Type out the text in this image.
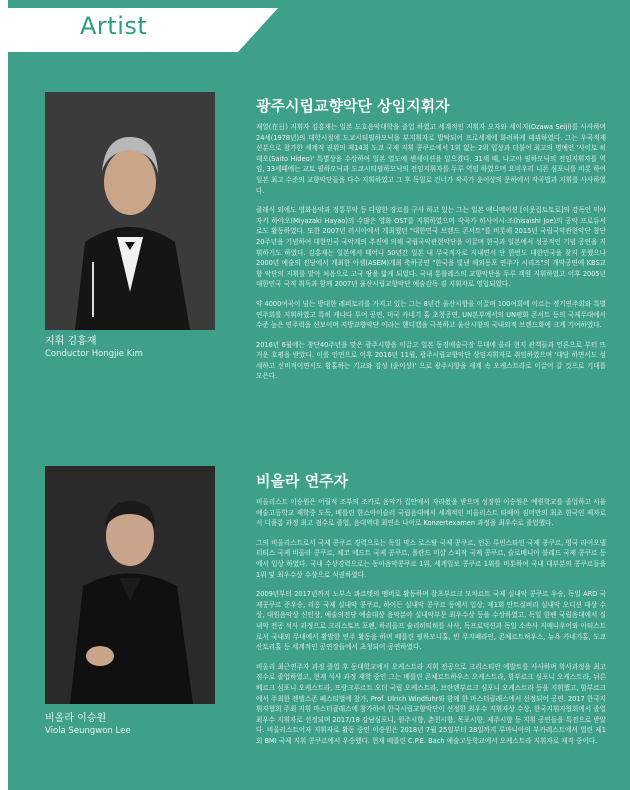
Artist
지휘 김홍재
Conductor Hongjie Kim
광주시립교향악단 상임지휘자

재일(在日) 지휘자 김홍재는 일본 도호음악대학을 졸업 하였고 세계적인 지휘자 오자와 세이지(Ozawa Seiji)를 사사하며 24세(1978년)의 대학시절에 도쿄시티필하모닉을 부지휘자로 발탁되어 프로세계에 화려하게 데뷔하였다. 그는 우곡적재 신분으로 참가한 세계적 권위의 제14회 도쿄 국제 지휘 콩쿠르에서 1위 없는 2위 입상과 더불어 최고의 명예인 '사이토 히데오(Saito Hideo)' 특별상을 수상하여 일본 열도에 센세이션을 일으켰다. 31세 때, 나고야 필하모닉의 전임지휘자를 역임, 33세때에는 교토 필하모닉과 도쿄시티필하모닉의 전임지휘자를 두루 역임 하였으며 요미우리 니폰 심포니를 비롯 하여 일본 최고 수준의 교향악단들을 다수 지휘하였고 그 후 독일로 건너가 작곡가 윤이상의 문하에서 작곡법과 지휘를 사사하였다.

클래식 외에도 영화음악과 정통무악 등 다양한 장르를 구사 하고 있는 그는 일본 애니메이션 [이웃집토토로]의 감독인 미야자키 하야오(Miyazaki Hayao)의 수많은 영화 OST를 지휘하였으며 작곡가 히사이시-조(hisaishi Joe)의 공악 프로듀서로도 활동하였다. 또한 2007년 러시아에서 개최했던 "대한민국 브랜드 콘서트"를 비롯해 2015년 국립국악관현악단 창단 20주년을 기념하여 대한민국 국악계의 추진에 의해 국립국악관현악단을 이끌며 한국과 일본에서 성공적인 기념 공연을 지휘하기도 하였다. 김홍재는 일본에서 태어나 50년간 일본 내 무국적자로 지내면서 단 한번도 대한민국을 찾지 못했으나 2000년 예술의 전당에서 개최한 아셈(ASEM)개최 축하공연 "한국을 빛낸 해외동포 연주가 시리즈"의 개막공연에 KBS교향 악단의 지휘를 맡아 처음으로 고국 땅을 밟게 되었다. 국내 통틀레스의 교향악단을 두루 객원 지휘하였고 이후 2005년 대한민국 국적 취득과 함께 2007년 울산시립교향악단 예술감독 겸 지휘자로 영입되었다.

약 4000여곡이 넘는 방대한 레퍼토리를 가지고 있는 그는 8년간 울산시향을 이끌며 100여회에 이르는 정기연주회와 특별연주회를 지휘하였고 특히 캐나다 투어 공연, 미국 카네기 홀 초청공연, UN본부에서의 UN평화 콘서트 등의 국제무대에서 수준 높은 연주력을 선보이며 지방교향악단 이라는 핸디캡을 극복하고 울산시향의 국내외적 브랜드화에 크게 기여하였다.

2016년 6월에는 창단40주년을 맞은 광주시향을 이끌고 일본 동경예술극장 무대에 올라 현지 관객들과 언론으로 부터 뜨거운 호평을 받았다. 이를 인연으로 이후 2016년 11월, 광주시립교향악단 상임지휘자로 취임하였으며 '대담 하면서도 섬세하고 신비적이면서도 황홀하는 기교와 감성 (윤이상)' 으로 광주시향을 세계 속 오케스트라로 이끌어 갈 것으로 기대를 모은다.

비올라 이승원
Viola Seungwon Lee
비올라 연주자

비올리스트 이승원은 어릴적 조부의 조카로 음악가 집안에서 자라왔을 받으며 성장한 이승원은 예원학교를 졸업하고 서울 예술고등학교 재학중 도독, 베를린 한스아이슬러 국립음대에서 세계적인 비올리스트 타베아 짐머만의 최초 한국인 제자로서 디플롬 과정 최고 점수로 졸업, 음대역대 최연소 나이로 Konzertexamen 과정을 최우수로 졸업했다.

그의 비올리스트로서 국제 콩쿠르 경력으로는 독일 막스 로스탈 국제 콩쿠르, 인돈 루빈스타인 국제 콩쿠르, 영국 라이오넬 터티스 국제 비올라 콩쿠르, 체코 에드트 국제 콩쿠르, 폴란드 미샬 스피작 국제 콩쿠르, 슬로베니아 블레드 국제 콩쿠르 등에서 입상 하였다. 국내 수상경력으로는 동아음악콩쿠르 1위, 세계일보 콩쿠르 1위를 비롯하여 국내 대부분의 콩쿠르들을 1위 및 최우수상 수상으로 석권하였다.

2009년부터 2017년까지 노부스 콰르텟의 멤버로 활동하며 잘츠부르크 모차르트 국제 실내악 콩쿠르 우승, 독일 ARD 국제콩쿠르 준우승, 리옹 국제 실내악 콩쿠르, 하이든 실내악 콩쿠르 등에서 입상, 제1회 안트실버리 실내악 오디션 대상 수상, 대원음악상 신인상, 예술의전당 예술대상 음악분야 실내악부문 최우수상 등을 수상하였고, 독일 한팬 국립음대에서 실내악 전공 석사 과정으로 크리스토프 포펜, 하리올프 슐리히티히를 사사, 독프로덕션과 독일 소속사 지매나우어와 아티스트로서 국내외 무대에서 활발한 연주 활동을 하며 베를린 필하모니홀, 빈 무지페라인, 콘체르트허우스, 뉴욕 카네기홀, 도쿄 산토리홀 등 세계적인 공연장들에서 초청되어 공연하였다.

비올리 최근연주자 과정 졸업 후 동대학교에서 오케스트라 지휘 전공으로 크리스티안 에발트를 사사하며 학사과정을 최고 점수로 졸업하였고, 현재 석사 과정 재학 중인 그는 베를린 콘체르트하우스 오케스트라, 함부르크 심포니 오케스트라, 뉘른베르크 심포니 오케스트라, 프랑크푸르트 오더 국립 오케스트라, 브란덴부르크 심포니 오케스트라 등을 지휘했고, 함부르크에서 주최한 젠델스존 페스티벌에 참가, Prof. Ulrich Windfuhr와 함께 한 마스터클래스에서 선정되어 공연. 2017 한국지휘자협회 주최 지휘 마스터클래스에 참가하여 한국시립교향악단이 선정한 최우수 지휘자상 수상, 한국지휘자협회에서 졸업 최우수 지휘자로 선정되며 2017/18 강남심포니, 원주시향, 춘천시향, 목포시향, 제주시향 등 지휘 공연들을 특전으로 받았다. 비올리스트이자 지휘자로 활동 중인 이승원은 2018년 7월 25일부터 28일까지 루마니아의 부카레스트에서 열린 제1회 BMI 국제 지휘 콩쿠르에서 우승했다. 현재 베를린 C.P.E. Bach 예술고등학교에서 오케스트라 지휘자로 재직 중이다.
